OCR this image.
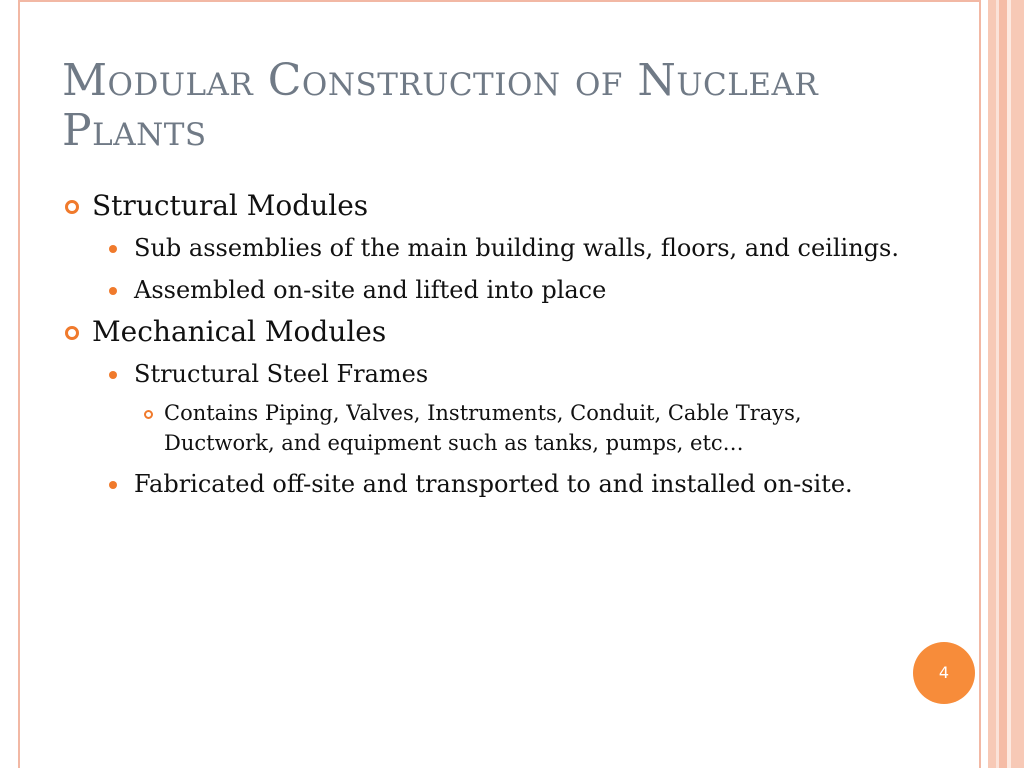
Modular Construction of Nuclear Plants
Structural Modules
Sub assemblies of the main building walls, floors, and ceilings.
Assembled on-site and lifted into place
Mechanical Modules
Structural Steel Frames
Contains Piping, Valves, Instruments, Conduit, Cable Trays, Ductwork, and equipment such as tanks, pumps, etc…
Fabricated off-site and transported to and installed on-site.
4
